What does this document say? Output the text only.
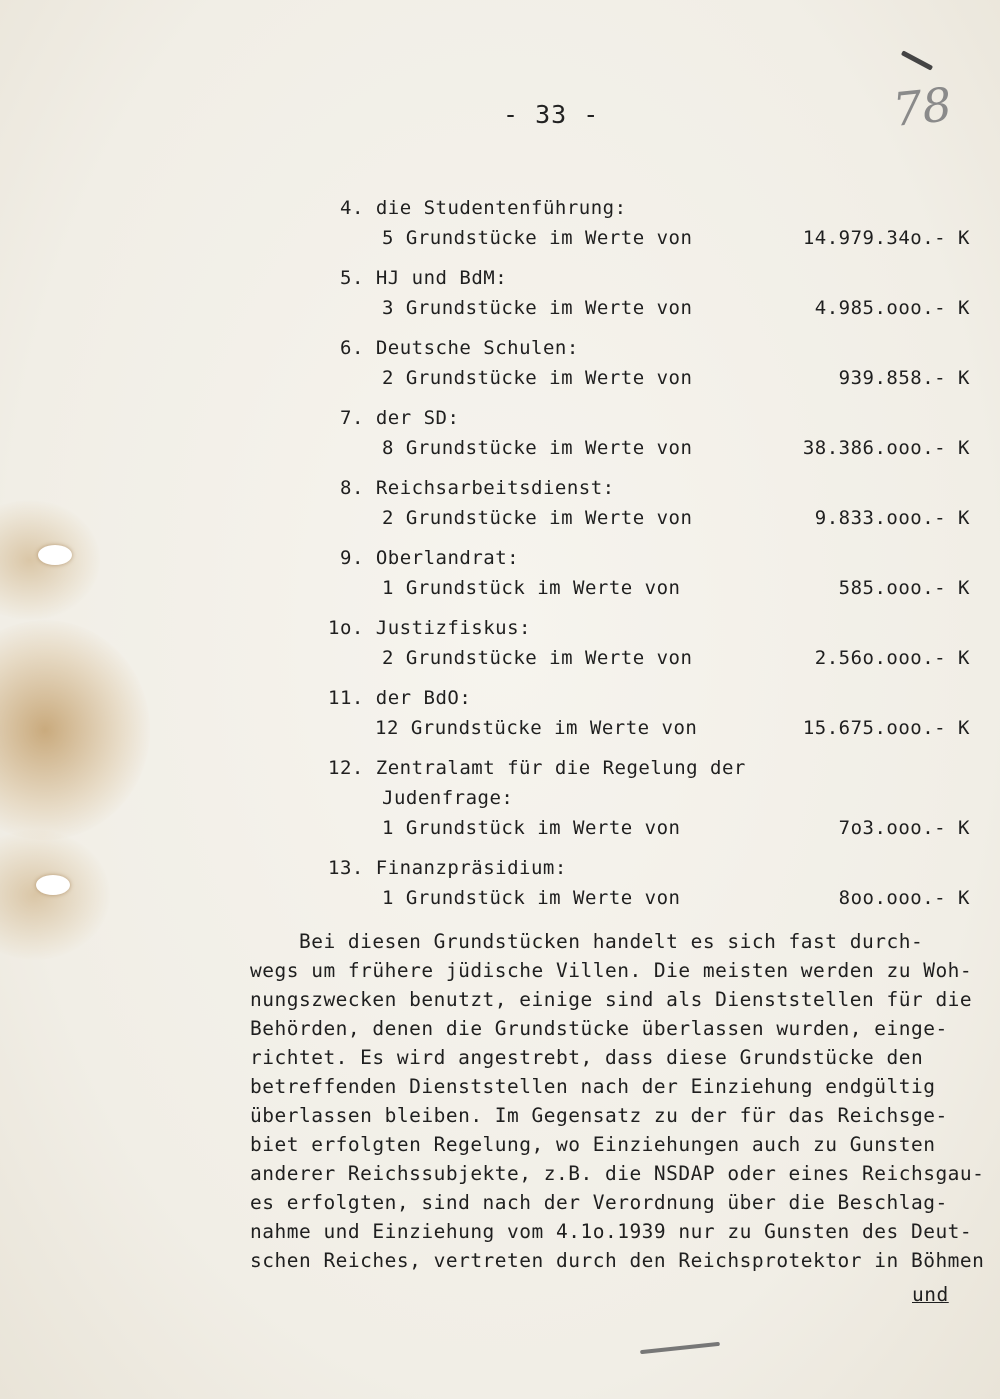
78
- 33 -
4. die Studentenführung:
5 Grundstücke im Werte von	14.979.34o.- K
5. HJ und BdM:
3 Grundstücke im Werte von	4.985.ooo.- K
6. Deutsche Schulen:
2 Grundstücke im Werte von	939.858.- K
7. der SD:
8 Grundstücke im Werte von	38.386.ooo.- K
8. Reichsarbeitsdienst:
2 Grundstücke im Werte von	9.833.ooo.- K
9. Oberlandrat:
1 Grundstück im Werte von	585.ooo.- K
1o. Justizfiskus:
2 Grundstücke im Werte von	2.56o.ooo.- K
11. der BdO:
12 Grundstücke im Werte von	15.675.ooo.- K
12. Zentralamt für die Regelung der
Judenfrage:
1 Grundstück im Werte von	7o3.ooo.- K
13. Finanzpräsidium:
1 Grundstück im Werte von	8oo.ooo.- K
Bei diesen Grundstücken handelt es sich fast durch-
wegs um frühere jüdische Villen. Die meisten werden zu Woh-
nungszwecken benutzt, einige sind als Dienststellen für die
Behörden, denen die Grundstücke überlassen wurden, einge-
richtet. Es wird angestrebt, dass diese Grundstücke den
betreffenden Dienststellen nach der Einziehung endgültig
überlassen bleiben. Im Gegensatz zu der für das Reichsge-
biet erfolgten Regelung, wo Einziehungen auch zu Gunsten
anderer Reichssubjekte, z.B. die NSDAP oder eines Reichsgau-
es erfolgten, sind nach der Verordnung über die Beschlag-
nahme und Einziehung vom 4.1o.1939 nur zu Gunsten des Deut-
schen Reiches, vertreten durch den Reichsprotektor in Böhmen
und
